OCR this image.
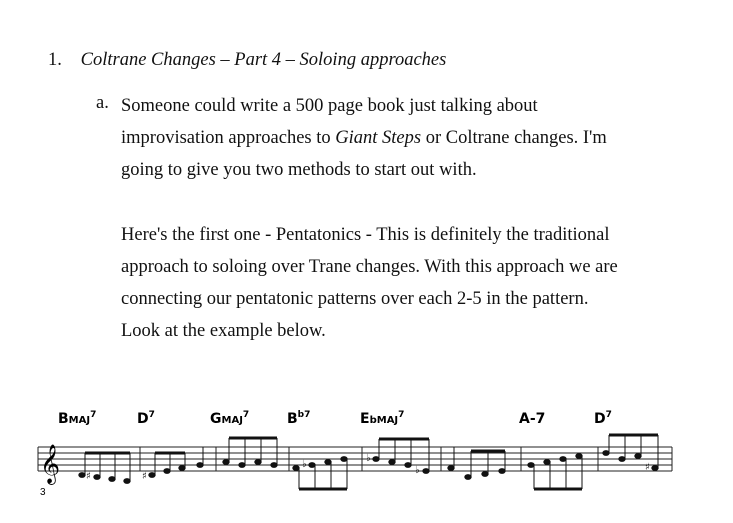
1. Coltrane Changes – Part 4 – Soloing approaches
a. Someone could write a 500 page book just talking about
improvisation approaches to Giant Steps or Coltrane changes. I'm
going to give you two methods to start out with.
Here's the first one - Pentatonics - This is definitely the traditional
approach to soloing over Trane changes. With this approach we are
connecting our pentatonic patterns over each 2-5 in the pattern.
Look at the example below.
BMAJ$^7$	$D^7$	GMAJ$^7$	$B^{b7}$	EbMAJ$^7$	A-7	$D^7$
𝄞
3
♯	♯
♭
♭
♭	♯
